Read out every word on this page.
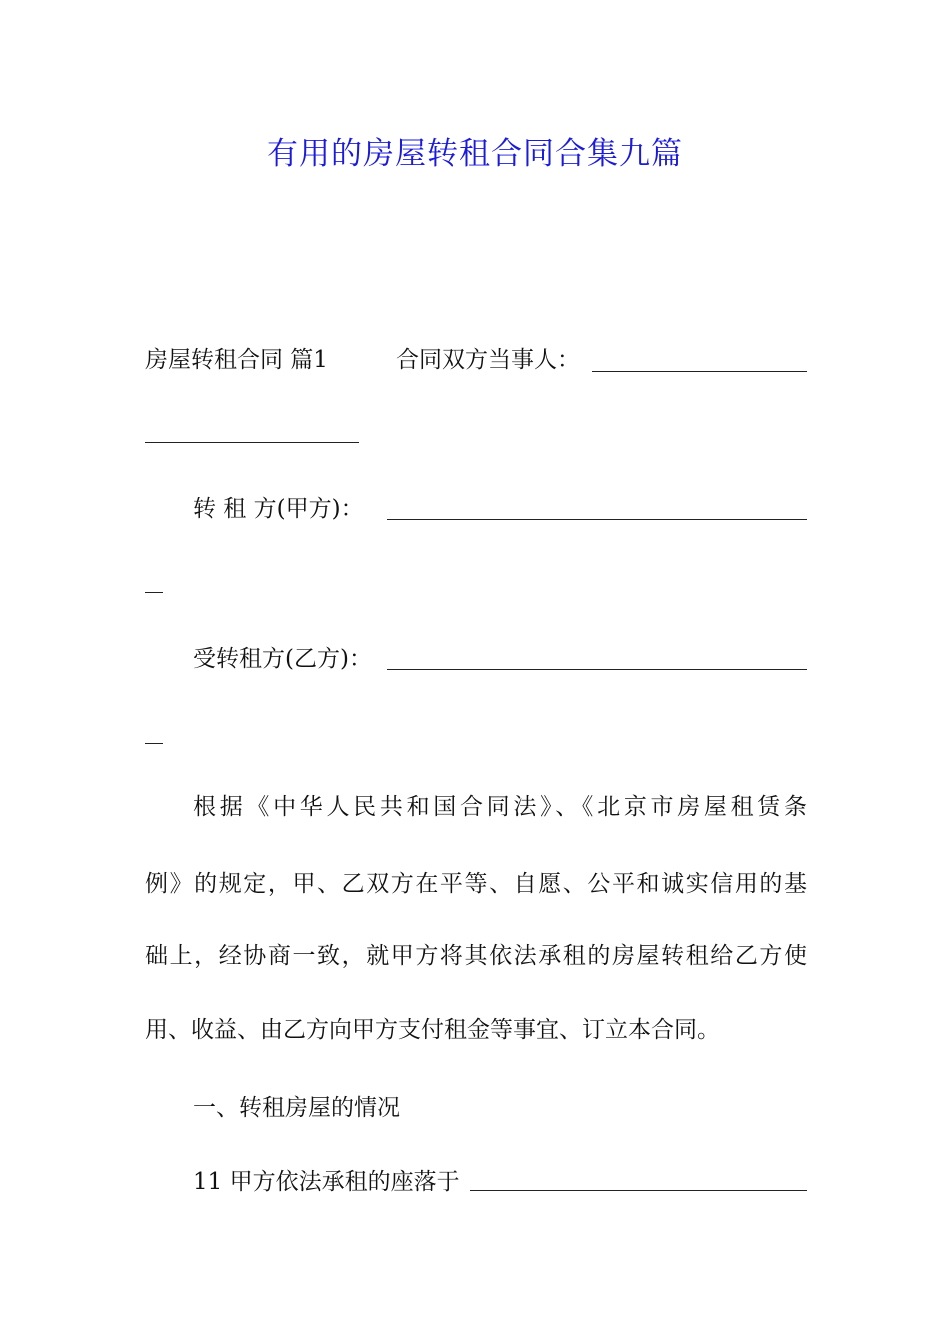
有用的房屋转租合同合集九篇
房屋转租合同 篇1	合同双方当事人：
转 租 方(甲方)：
受转租方(乙方)：
根据《中华人民共和国合同法》、《北京市房屋租赁条
例》的规定，甲、乙双方在平等、自愿、公平和诚实信用的基
础上，经协商一致，就甲方将其依法承租的房屋转租给乙方使
用、收益、由乙方向甲方支付租金等事宜、订立本合同。
一、转租房屋的情况
11 甲方依法承租的座落于
